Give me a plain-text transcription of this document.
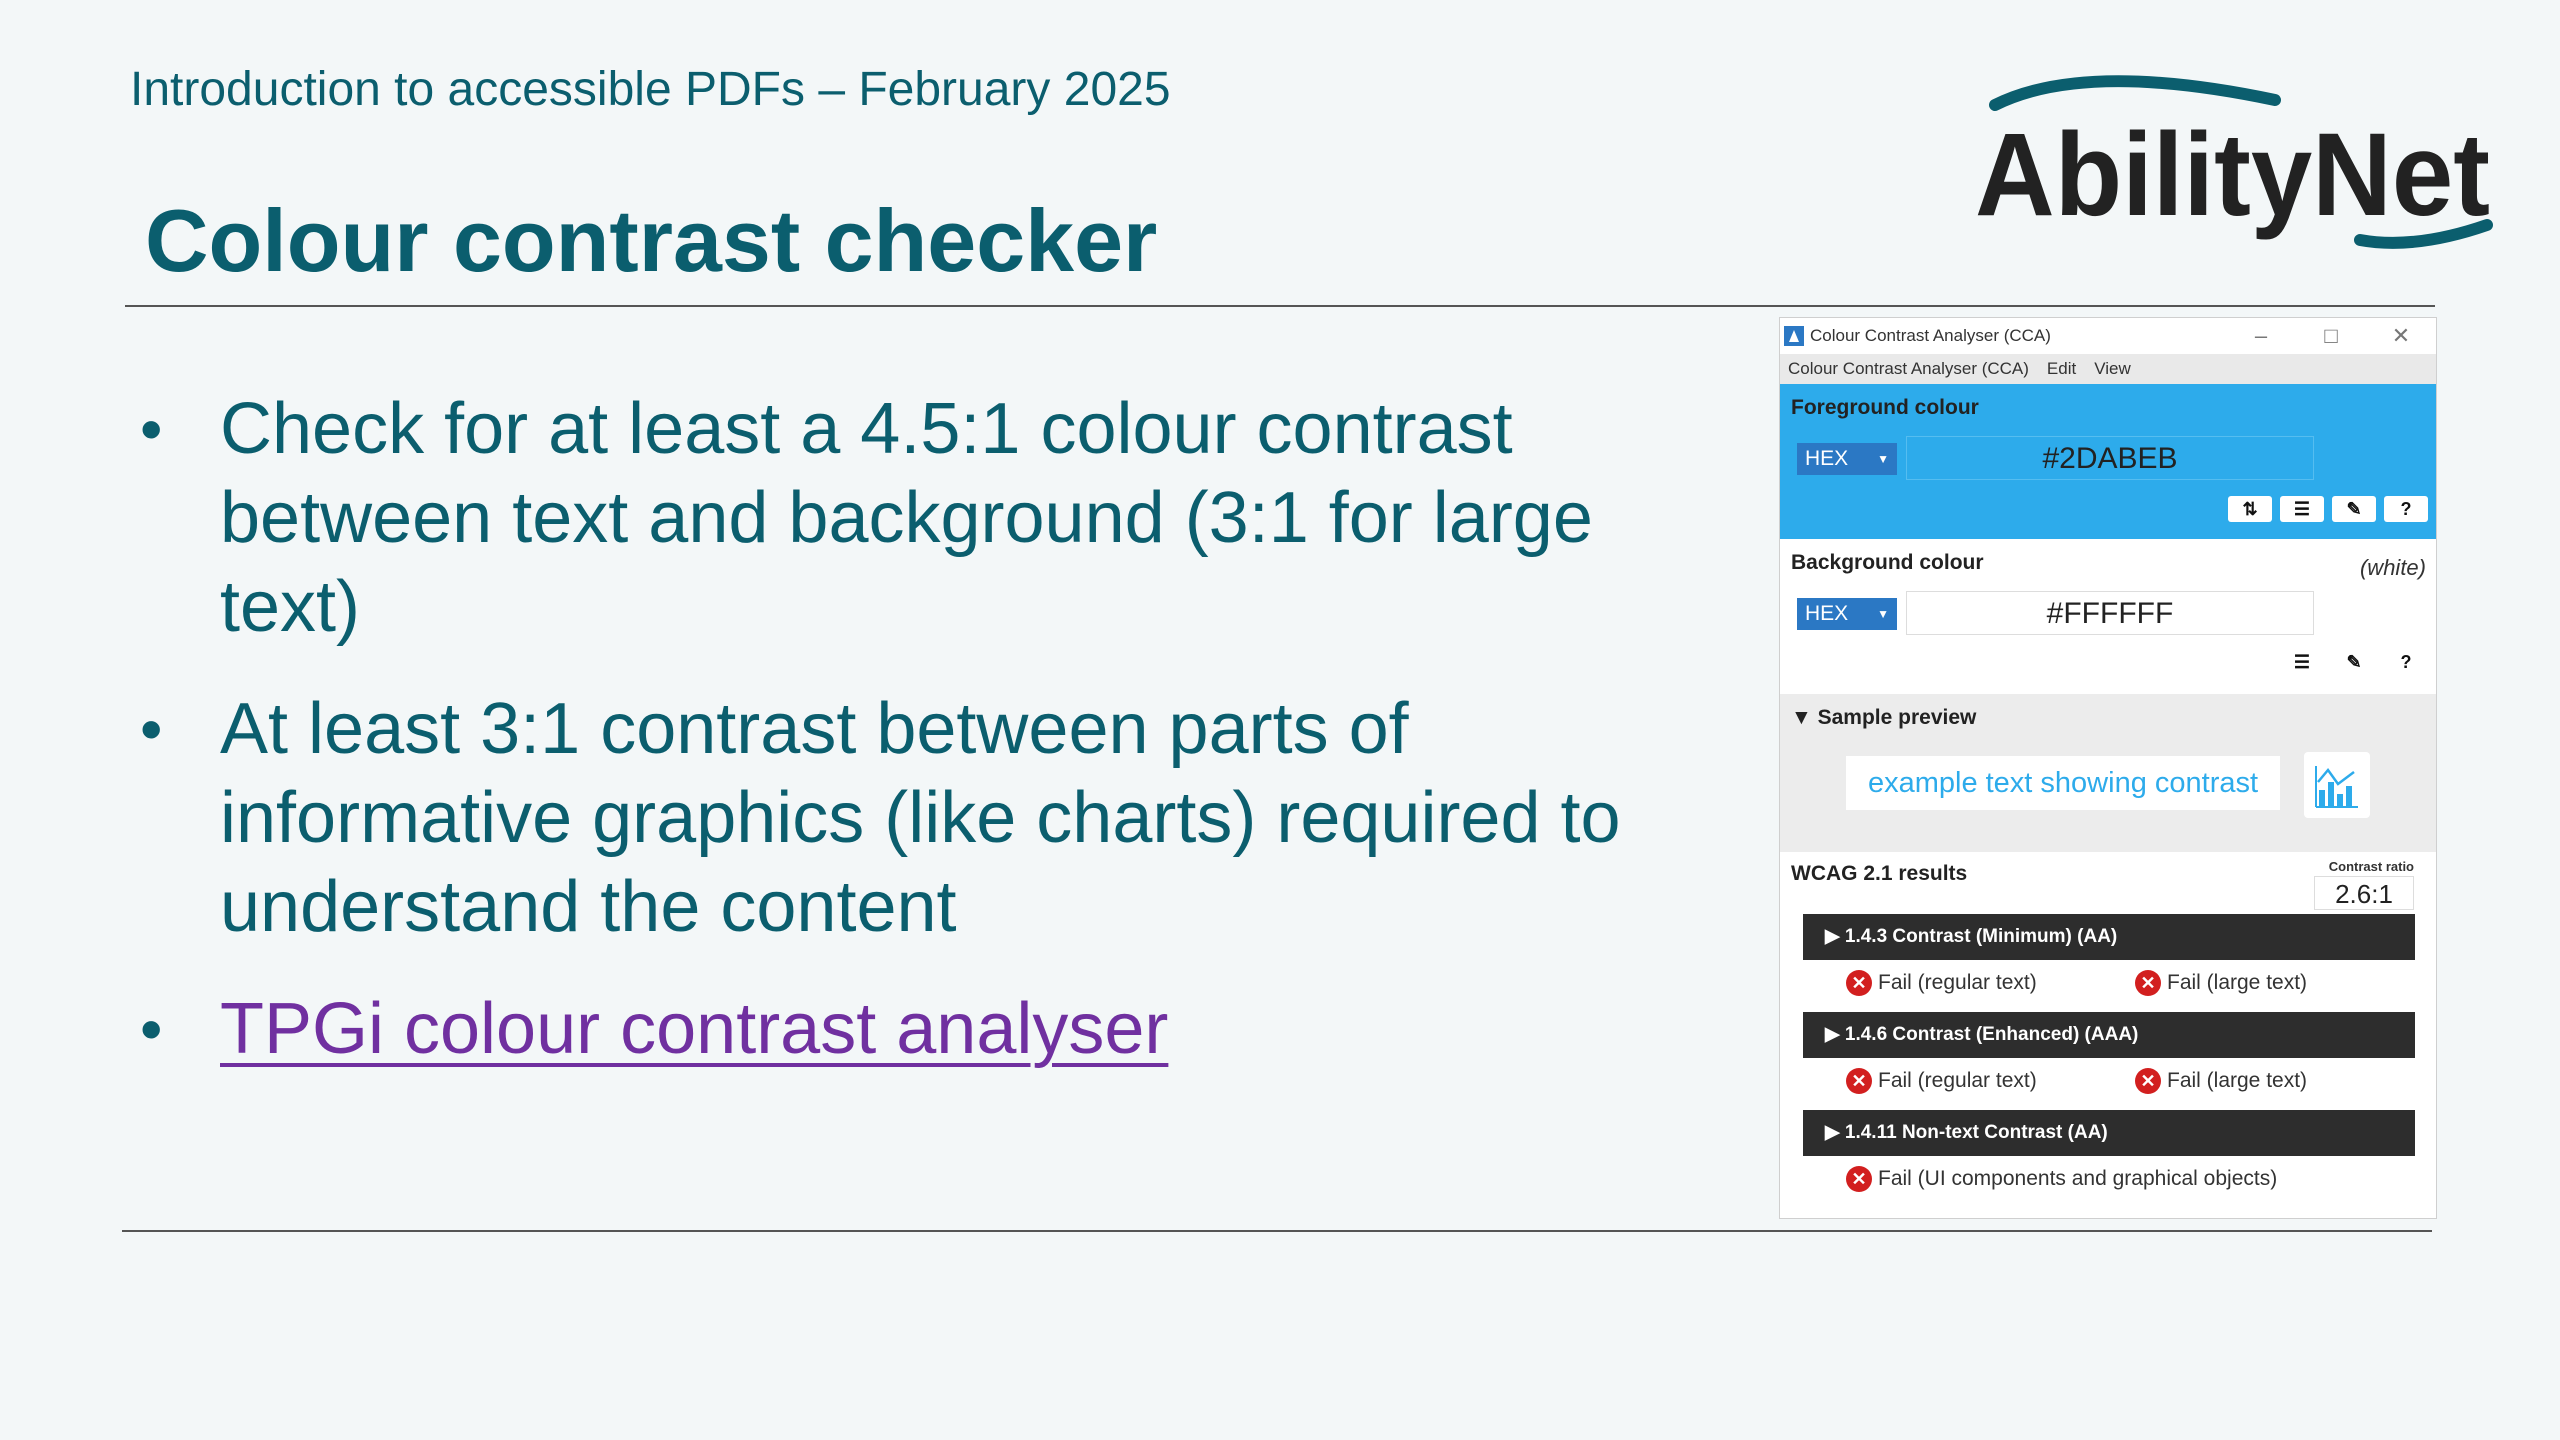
Introduction to accessible PDFs – February 2025
Colour contrast checker	AbilityNet
• Check for at least a 4.5:1 colour contrast between text and background (3:1 for large text)
• At least 3:1 contrast between parts of informative graphics (like charts) required to understand the content
• TPGi colour contrast analyser
Colour Contrast Analyser (CCA)	–	□	✕
Colour Contrast Analyser (CCA) Edit View
Foreground colour
HEX ▼	#2DABEB
⇅	☰	✎	?
Background colour	(white)
HEX ▼	#FFFFFF
☰	✎	?
▼ Sample preview
example text showing contrast
WCAG 2.1 results	Contrast ratio
2.6:1
▶ 1.4.3 Contrast (Minimum) (AA)
✕ Fail (regular text)	✕ Fail (large text)
▶ 1.4.6 Contrast (Enhanced) (AAA)
✕ Fail (regular text)	✕ Fail (large text)
▶ 1.4.11 Non-text Contrast (AA)
✕ Fail (UI components and graphical objects)
